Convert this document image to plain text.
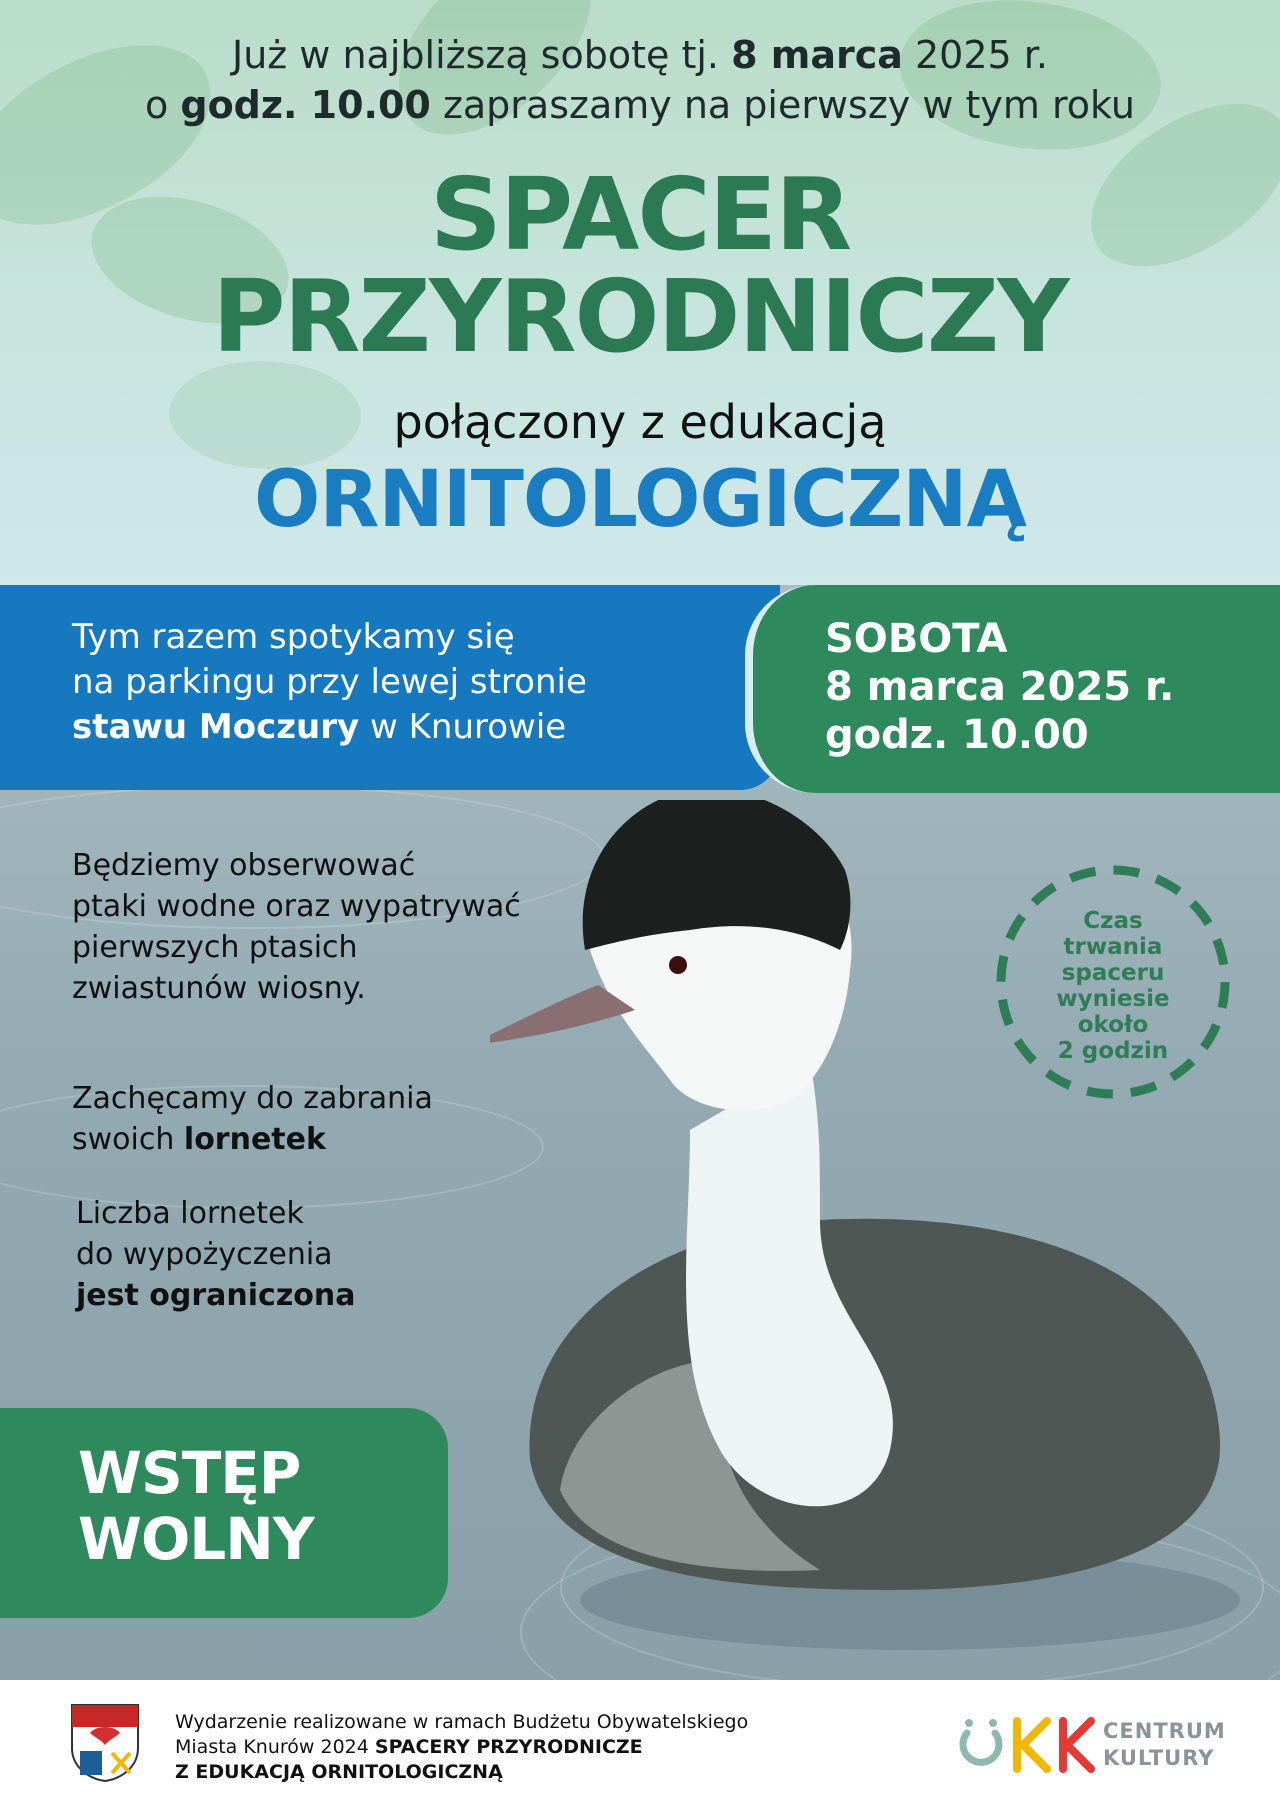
Już w najbliższą sobotę tj. 8 marca 2025 r.
o godz. 10.00 zapraszamy na pierwszy w tym roku
SPACER
PRZYRODNICZY
połączony z edukacją
ORNITOLOGICZNĄ
Tym razem spotykamy się
na parkingu przy lewej stronie
stawu Moczury w Knurowie
SOBOTA
8 marca 2025 r.
godz. 10.00
Będziemy obserwować
ptaki wodne oraz wypatrywać
pierwszych ptasich
zwiastunów wiosny.
Zachęcamy do zabrania
swoich lornetek
Liczba lornetek
do wypożyczenia
jest ograniczona
Czas
trwania
spaceru
wyniesie
około
2 godzin
WSTĘP
WOLNY
Wydarzenie realizowane w ramach Budżetu Obywatelskiego
Miasta Knurów 2024 SPACERY PRZYRODNICZE
Z EDUKACJĄ ORNITOLOGICZNĄ
CENTRUM
KULTURY
